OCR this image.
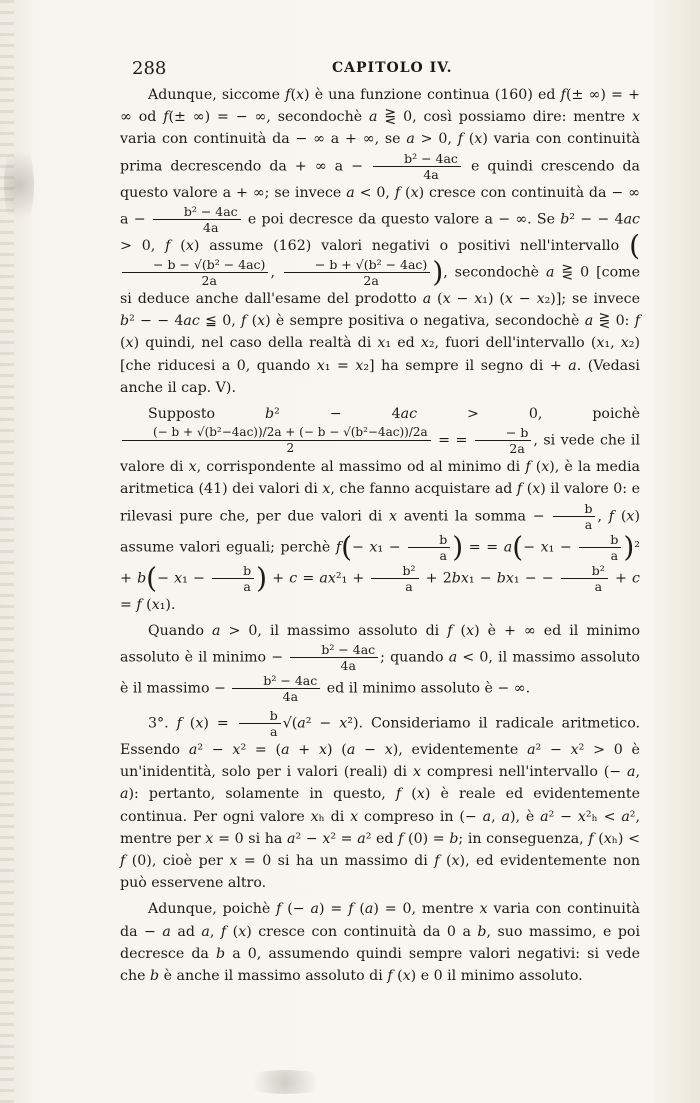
288	CAPITOLO IV.

Adunque, siccome f(x) è una funzione continua (160) ed f(± ∞) = + ∞ od f(± ∞) = − ∞, secondochè a ⋛ 0, così possiamo dire: mentre x varia con continuità da − ∞ a + ∞, se a > 0, f (x) varia con continuità prima decrescendo da + ∞ $a - \frac{\text{b² − 4ac}}{4a}$ e quindi crescendo da questo valore a + ∞; se invece a < 0, f (x) cresce con continuità da − ∞ $a - \frac{\text{b² − 4ac}}{4a}$ e poi decresce da questo valore a − ∞. Se b² − − 4ac > 0, f (x) assume (162) valori negativi o positivi nell'intervallo (
$\frac{\text{− b − √(b² − 4ac)}}{2a}$ , $\frac{\text{− b + √(b² − 4ac)}}{2a}$ ), secondochè a ⋛ 0 [come si deduce anche dall'esame del prodotto a (x − x₁) (x − x₂)]; se invece b² − − 4ac ≦ 0, f (x) è sempre positiva o negativa, secondochè a ⋛ 0: f (x) quindi, nel caso della realtà di x₁ ed x₂, fuori dell'intervallo (x₁, x₂) [che riducesi a 0, quando x₁ = x₂] ha sempre il segno di + a. (Vedasi anche il cap. V).

Supposto b² − 4ac > 0, poichè
$\frac{\text{(− b + √(b²−4ac))/2a + (− b − √(b²−4ac))/2a}}{2}$ = = $\frac{- b}{2a}$ , si vede che il valore di x, corrispondente al massimo od al minimo di f (x), è la media aritmetica (41) dei valori di x, che fanno acquistare ad f (x) il valore 0: e rilevasi pure che, per due valori di x aventi la somma − $\frac{b}{a}$ , f (x) assume valori eguali; perchè $f(- x_1 - \frac{b}{a}$ ) = = $a(- x_1 - \frac{b}{a} )^2 + b(- x_1 - \frac{b}{a}$ ) + $c = ax^2_1 + \frac{\text{b²}}{a} + 2bx_1 - bx_1$ − − $\frac{\text{b²}}{a} + c = f$ (x₁).

Quando a > 0, il massimo assoluto di f (x) è + ∞ ed il minimo assoluto è il minimo − $\frac{\text{b² − 4ac}}{4a}$ ; quando a < 0, il massimo assoluto è il massimo − $\frac{\text{b² − 4ac}}{4a}$ ed il minimo assoluto è − ∞.

3°. f $(x) = \frac{b}{a} √(a^2 - x^2)$. Consideriamo il radicale aritmetico. Essendo a² − x² = (a + x) (a − x), evidentemente a² − x² > 0 è un'inidentità, solo per i valori (reali) di x compresi nell'intervallo (− a, a): pertanto, solamente in questo, f (x) è reale ed evidentemente continua. Per ogni valore xₕ di x compreso in (− a, a), è a² − x²ₕ < a², mentre per x = 0 si ha a² − x² = a² ed f (0) = b; in conseguenza, f (xₕ) < f (0), cioè per x = 0 si ha un massimo di f (x), ed evidentemente non può esservene altro.

Adunque, poichè f (− a) = f (a) = 0, mentre x varia con continuità da − a ad a, f (x) cresce con continuità da 0 a b, suo massimo, e poi decresce da b a 0, assumendo quindi sempre valori negativi: si vede che b è anche il massimo assoluto di f (x) e 0 il minimo assoluto.
